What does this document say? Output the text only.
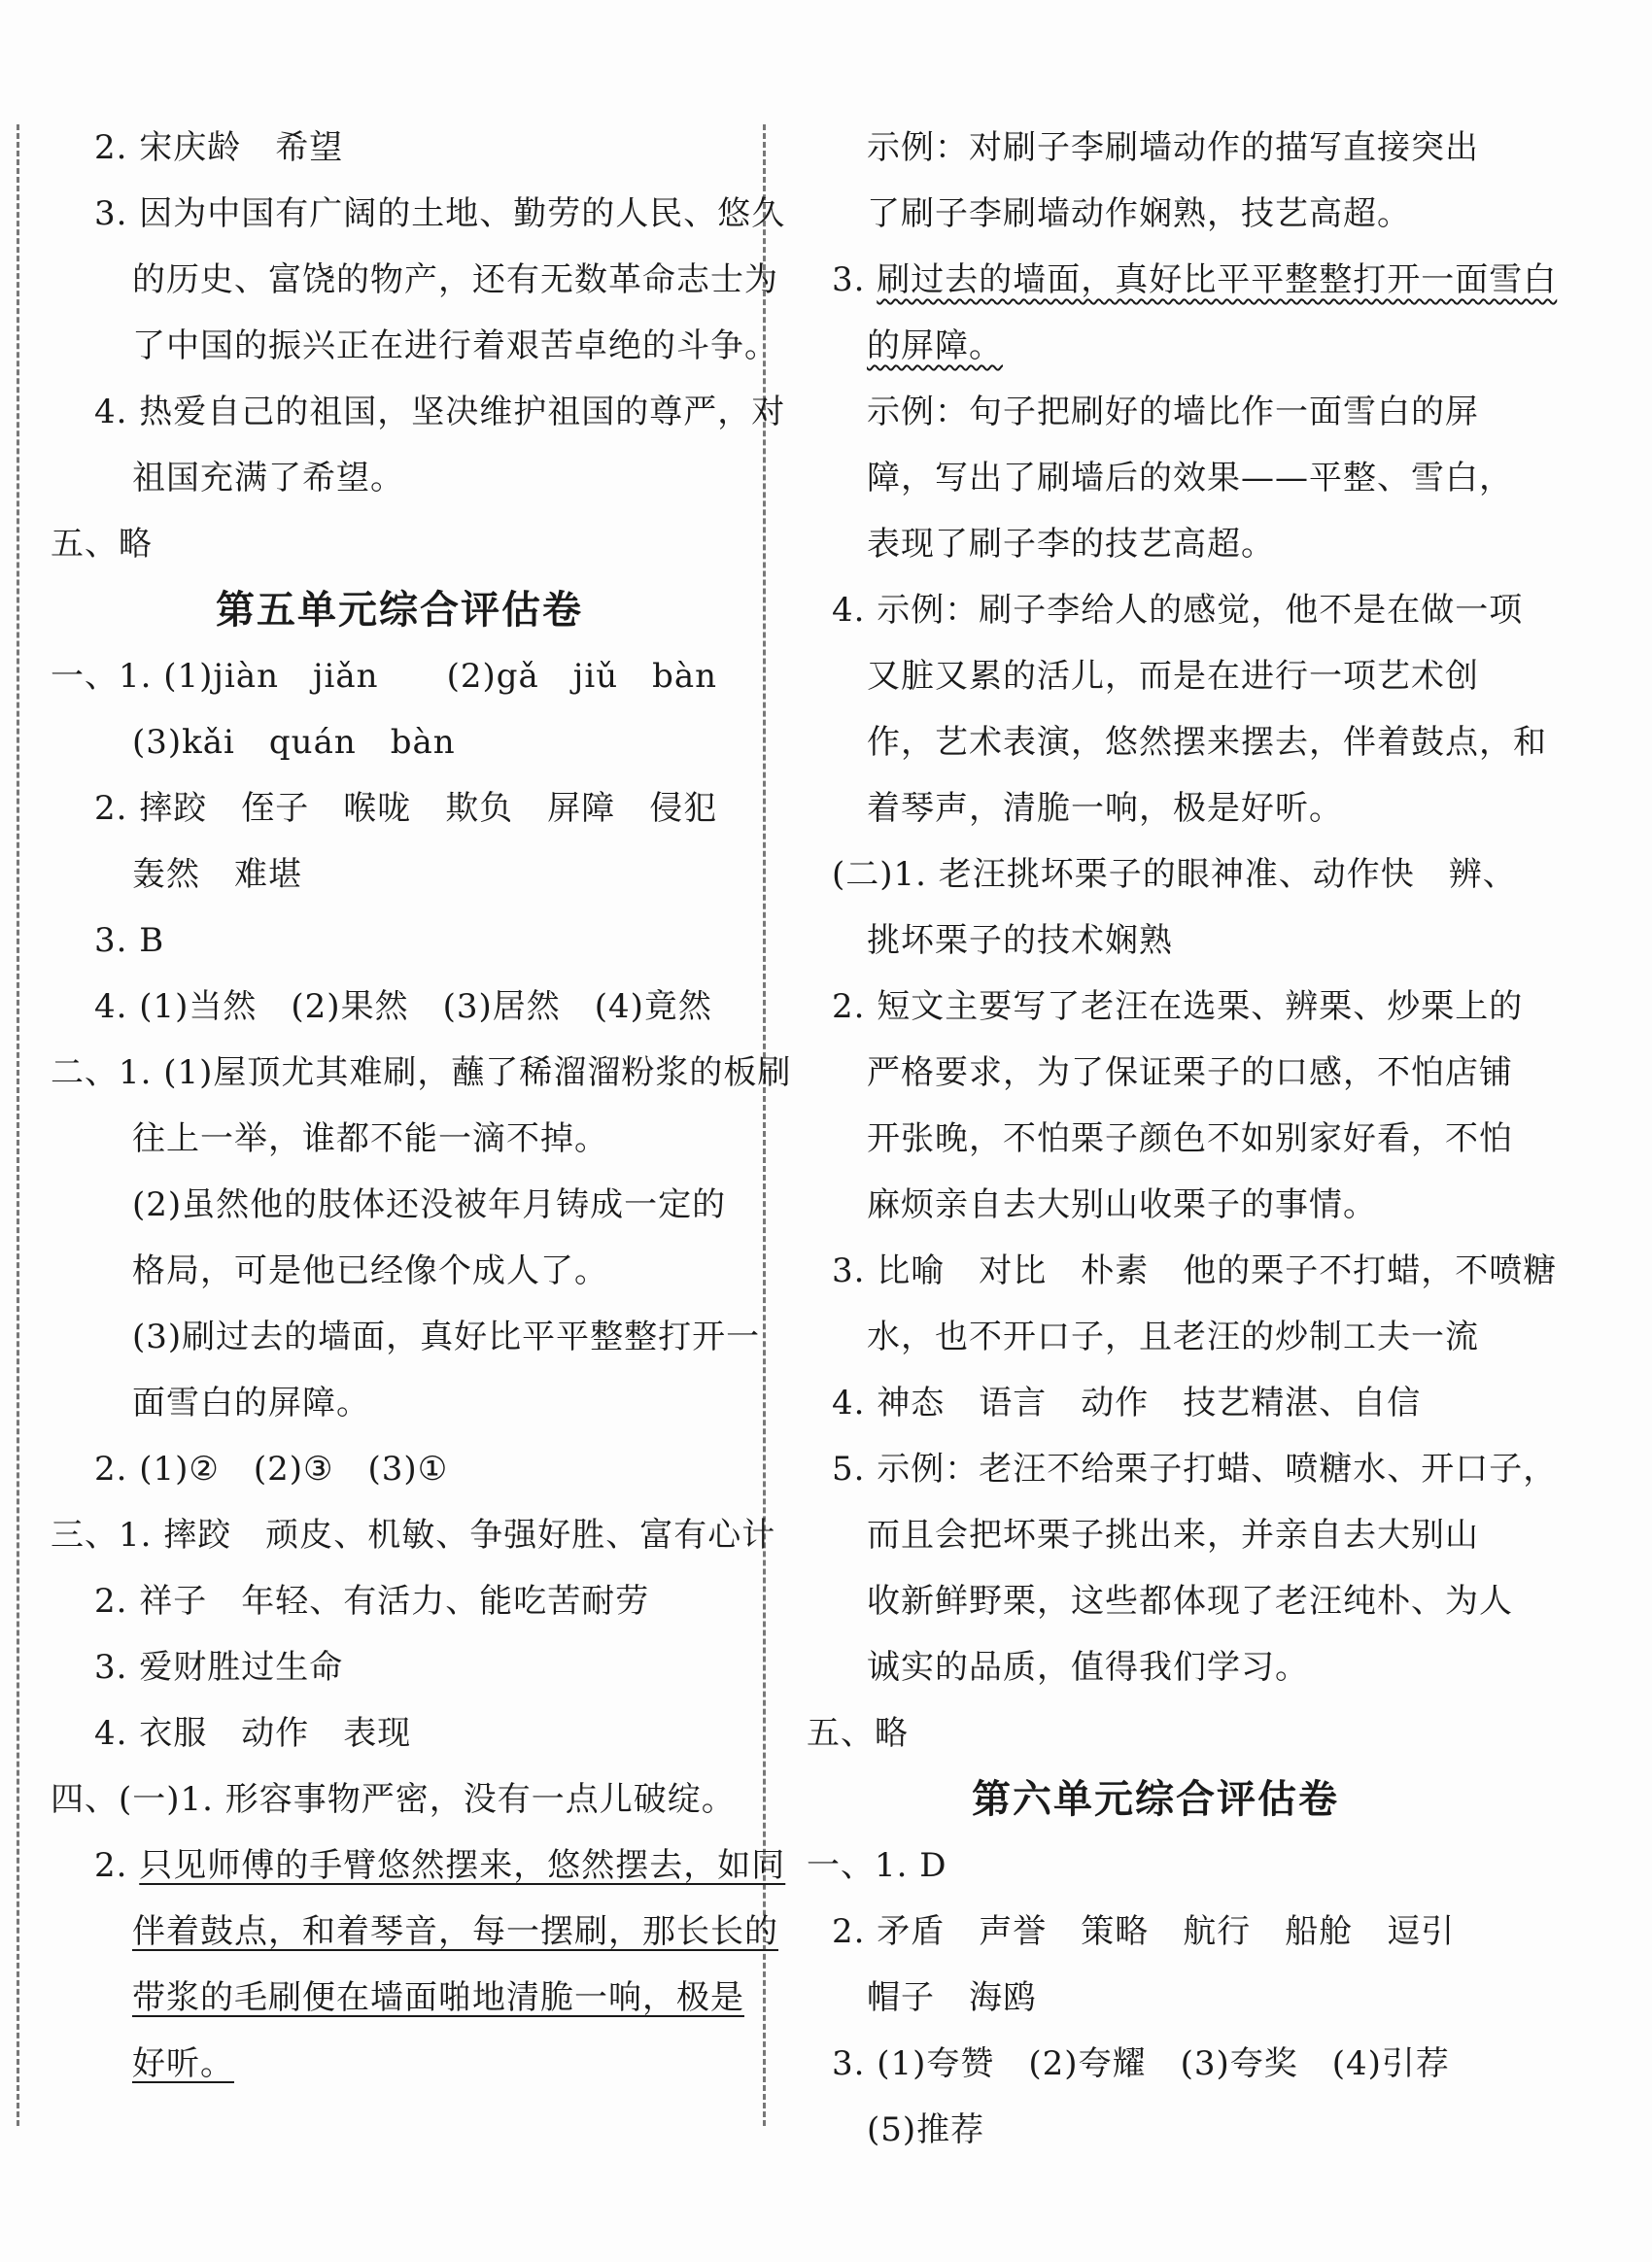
2. 宋庆龄　希望
3. 因为中国有广阔的土地、勤劳的人民、悠久
的历史、富饶的物产，还有无数革命志士为
了中国的振兴正在进行着艰苦卓绝的斗争。
4. 热爱自己的祖国，坚决维护祖国的尊严，对
祖国充满了希望。
五、略
第五单元综合评估卷
一、1. (1)jiàn　jiǎn　　(2)gǎ　jiǔ　bàn
(3)kǎi　quán　bàn
2. 摔跤　侄子　喉咙　欺负　屏障　侵犯
轰然　难堪
3. B
4. (1)当然　(2)果然　(3)居然　(4)竟然
二、1. (1)屋顶尤其难刷，蘸了稀溜溜粉浆的板刷
往上一举，谁都不能一滴不掉。
(2)虽然他的肢体还没被年月铸成一定的
格局，可是他已经像个成人了。
(3)刷过去的墙面，真好比平平整整打开一
面雪白的屏障。
2. (1)②　(2)③　(3)①
三、1. 摔跤　顽皮、机敏、争强好胜、富有心计
2. 祥子　年轻、有活力、能吃苦耐劳
3. 爱财胜过生命
4. 衣服　动作　表现
四、(一)1. 形容事物严密，没有一点儿破绽。
2. 只见师傅的手臂悠然摆来，悠然摆去，如同
伴着鼓点，和着琴音，每一摆刷，那长长的
带浆的毛刷便在墙面啪地清脆一响，极是
好听。
示例：对刷子李刷墙动作的描写直接突出
了刷子李刷墙动作娴熟，技艺高超。
3. 刷过去的墙面，真好比平平整整打开一面雪白
的屏障。
示例：句子把刷好的墙比作一面雪白的屏
障，写出了刷墙后的效果——平整、雪白，
表现了刷子李的技艺高超。
4. 示例：刷子李给人的感觉，他不是在做一项
又脏又累的活儿，而是在进行一项艺术创
作，艺术表演，悠然摆来摆去，伴着鼓点，和
着琴声，清脆一响，极是好听。
(二)1. 老汪挑坏栗子的眼神准、动作快　辨、
挑坏栗子的技术娴熟
2. 短文主要写了老汪在选栗、辨栗、炒栗上的
严格要求，为了保证栗子的口感，不怕店铺
开张晚，不怕栗子颜色不如别家好看，不怕
麻烦亲自去大别山收栗子的事情。
3. 比喻　对比　朴素　他的栗子不打蜡，不喷糖
水，也不开口子，且老汪的炒制工夫一流
4. 神态　语言　动作　技艺精湛、自信
5. 示例：老汪不给栗子打蜡、喷糖水、开口子，
而且会把坏栗子挑出来，并亲自去大别山
收新鲜野栗，这些都体现了老汪纯朴、为人
诚实的品质，值得我们学习。
五、略
第六单元综合评估卷
一、1. D
2. 矛盾　声誉　策略　航行　船舱　逗引
帽子　海鸥
3. (1)夸赞　(2)夸耀　(3)夸奖　(4)引荐
(5)推荐
